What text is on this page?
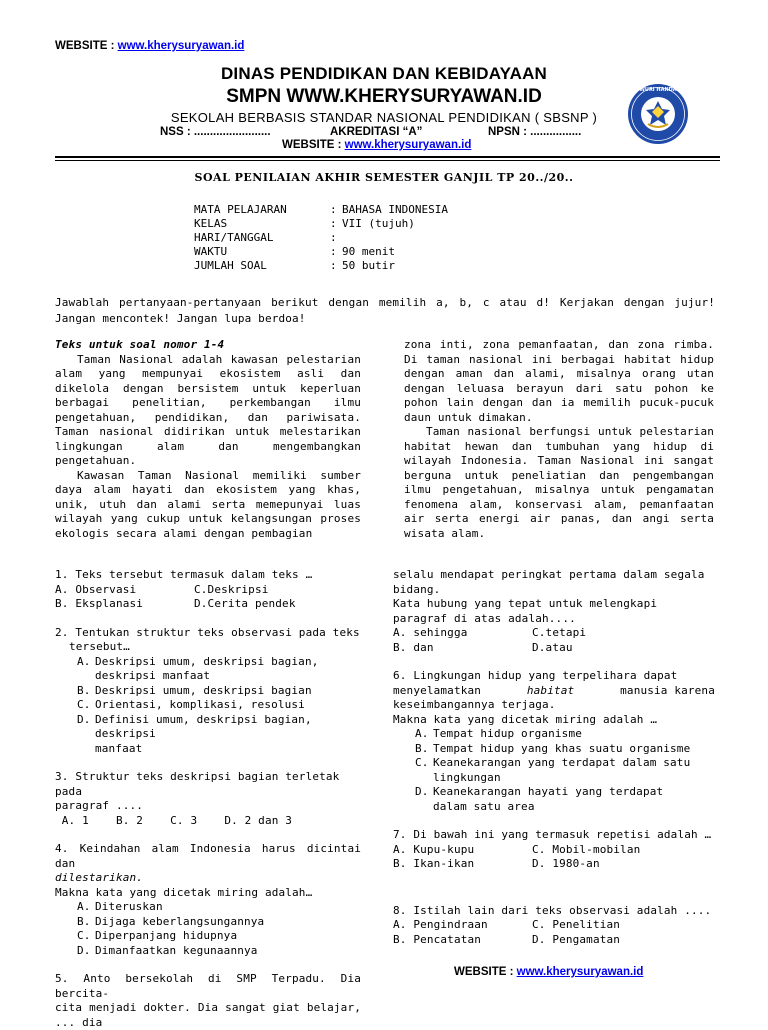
WEBSITE : www.kherysuryawan.id
DINAS PENDIDIKAN DAN KEBIDAYAAN
SMPN WWW.KHERYSURYAWAN.ID
SEKOLAH BERBASIS STANDAR NASIONAL PENDIDIKAN ( SBSNP )
NSS : ........................	AKREDITASI “A”	NPSN : ................
WEBSITE : www.kherysuryawan.id
TUT WURI HANDAYANI
SOAL PENILAIAN AKHIR SEMESTER GANJIL TP 20../20..
MATA PELAJARAN	: BAHASA INDONESIA
KELAS	: VII (tujuh)
HARI/TANGGAL	:
WAKTU	: 90 menit
JUMLAH SOAL	: 50 butir
Jawablah pertanyaan-pertanyaan berikut dengan memilih a, b, c atau d! Kerjakan dengan jujur! Jangan mencontek! Jangan lupa berdoa!

Teks untuk soal nomor 1-4

Taman Nasional adalah kawasan pelestarian alam yang mempunyai ekosistem asli dan dikelola dengan bersistem untuk keperluan berbagai penelitian, perkembangan ilmu pengetahuan, pendidikan, dan pariwisata. Taman nasional didirikan untuk melestarikan lingkungan alam dan mengembangkan pengetahuan.

Kawasan Taman Nasional memiliki sumber daya alam hayati dan ekosistem yang khas, unik, utuh dan alami serta memepunyai luas wilayah yang cukup untuk kelangsungan proses ekologis secara alami dengan pembagian

zona inti, zona pemanfaatan, dan zona rimba. Di taman nasional ini berbagai habitat hidup dengan aman dan alami, misalnya orang utan dengan leluasa berayun dari satu pohon ke pohon lain dengan dan ia memilih pucuk-pucuk daun untuk dimakan.

Taman nasional berfungsi untuk pelestarian habitat hewan dan tumbuhan yang hidup di wilayah Indonesia. Taman Nasional ini sangat berguna untuk peneliatian dan pengembangan ilmu pengetahuan, misalnya untuk pengamatan fenomena alam, konservasi alam, pemanfaatan air serta energi air panas, dan angi serta wisata alam.

1. Teks tersebut termasuk dalam teks …

A. Observasi	C.Deskripsi
B. Eksplanasi	D.Cerita pendek

2. Tentukan struktur teks observasi pada teks

tersebut…

A. Deskripsi umum, deskripsi bagian,
deskripsi manfaat
B. Deskripsi umum, deskripsi bagian
C. Orientasi, komplikasi, resolusi
D. Definisi umum, deskripsi bagian, deskripsi
manfaat

3. Struktur teks deskripsi bagian terletak pada

paragraf ....

A. 1    B. 2    C. 3    D. 2 dan 3

4. Keindahan alam Indonesia harus dicintai dan

dilestarikan.

Makna kata yang dicetak miring adalah…

A. Diteruskan
B. Dijaga keberlangsungannya
C. Diperpanjang hidupnya
D. Dimanfaatkan kegunaannya

5. Anto bersekolah di SMP Terpadu. Dia bercita-

cita menjadi dokter. Dia sangat giat belajar, ... dia

selalu mendapat peringkat pertama dalam segala

bidang.

Kata hubung yang tepat untuk melengkapi

paragraf di atas adalah....

A. sehingga	C.tetapi
B. dan	D.atau

6. Lingkungan hidup yang terpelihara dapat

menyelamatkan	habitat	manusia karena

keseimbangannya terjaga.

Makna kata yang dicetak miring adalah …

A. Tempat hidup organisme
B. Tempat hidup yang khas suatu organisme
C. Keanekarangan yang terdapat dalam satu
lingkungan
D. Keanekarangan hayati yang terdapat
dalam satu area

7. Di bawah ini yang termasuk repetisi adalah …

A. Kupu-kupu	C. Mobil-mobilan
B. Ikan-ikan	D. 1980-an

8. Istilah lain dari teks observasi adalah ....

A. Pengindraan	C. Penelitian
B. Pencatatan	D. Pengamatan
WEBSITE : www.kherysuryawan.id
